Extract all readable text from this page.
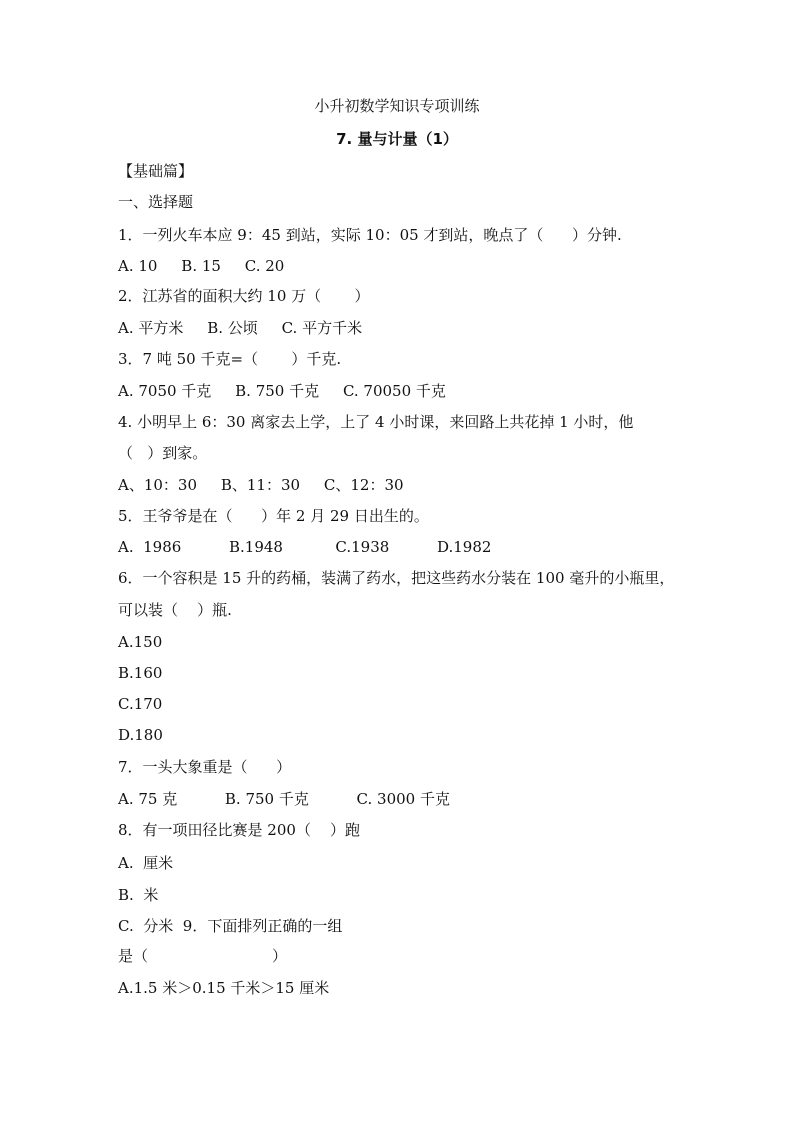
小升初数学知识专项训练
7. 量与计量（1）
【基础篇】
一、选择题
1．一列火车本应 9：45 到站，实际 10：05 才到站，晚点了（      ）分钟.
A. 10     B. 15     C. 20
2．江苏省的面积大约 10 万（       ）
A. 平方米     B. 公顷     C. 平方千米
3．7 吨 50 千克=（       ）千克.
A. 7050 千克     B. 750 千克     C. 70050 千克
4. 小明早上 6：30 离家去上学，上了 4 小时课，来回路上共花掉 1 小时，他
（   ）到家。
A、10：30     B、11：30     C、12：30
5．王爷爷是在（      ）年 2 月 29 日出生的。
A.  1986          B.1948           C.1938          D.1982
6．一个容积是 15 升的药桶，装满了药水，把这些药水分装在 100 毫升的小瓶里，
可以装（    ）瓶.
A.150
B.160
C.170
D.180
7．一头大象重是（      ）
A. 75 克          B. 750 千克          C. 3000 千克
8．有一项田径比赛是 200（    ）跑
A.  厘米
B.  米
C.  分米  9．下面排列正确的一组
是（                          ）
A.1.5 米＞0.15 千米＞15 厘米
